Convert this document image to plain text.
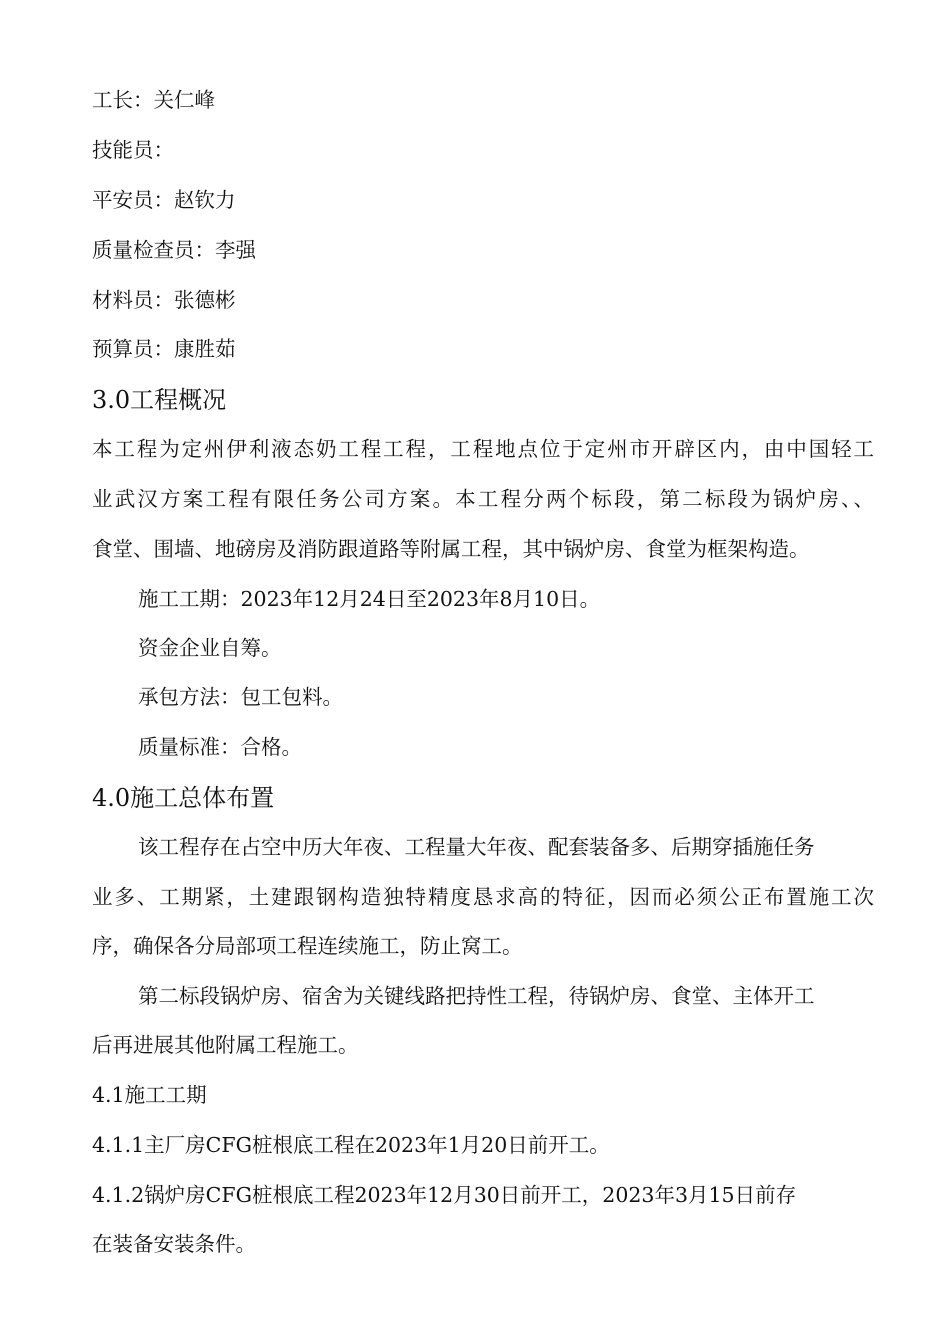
工长：关仁峰
技能员：
平安员：赵钦力
质量检查员：李强
材料员：张德彬
预算员：康胜茹
3.0工程概况
本工程为定州伊利液态奶工程工程，工程地点位于定州市开辟区内，由中国轻工
业武汉方案工程有限任务公司方案。本工程分两个标段，第二标段为锅炉房、、
食堂、围墙、地磅房及消防跟道路等附属工程，其中锅炉房、食堂为框架构造。
施工工期：2023年12月24日至2023年8月10日。
资金企业自筹。
承包方法：包工包料。
质量标准：合格。
4.0施工总体布置
该工程存在占空中历大年夜、工程量大年夜、配套装备多、后期穿插施任务
业多、工期紧，土建跟钢构造独特精度恳求高的特征，因而必须公正布置施工次
序，确保各分局部项工程连续施工，防止窝工。
第二标段锅炉房、宿舍为关键线路把持性工程，待锅炉房、食堂、主体开工
后再进展其他附属工程施工。
4.1施工工期
4.1.1主厂房CFG桩根底工程在2023年1月20日前开工。
4.1.2锅炉房CFG桩根底工程2023年12月30日前开工，2023年3月15日前存
在装备安装条件。
